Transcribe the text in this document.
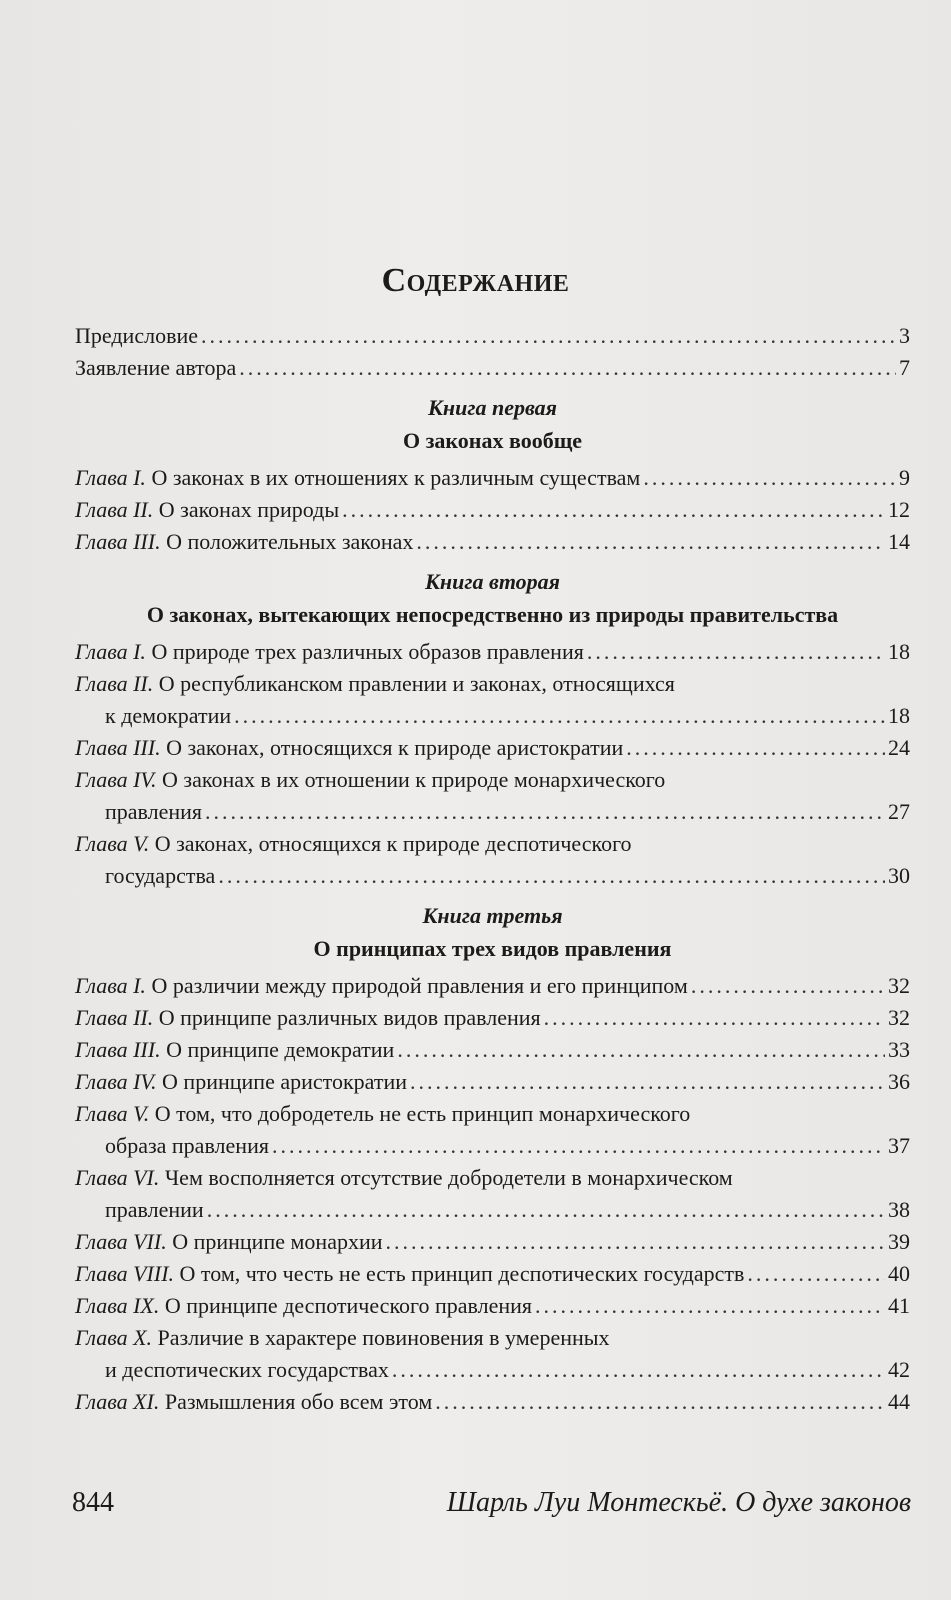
Содержание
Предисловие .....	3
Заявление автора .....	7
Книга первая
О законах вообще
Глава I. О законах в их отношениях к различным существам .....	9
Глава II. О законах природы .....	12
Глава III. О положительных законах .....	14
Книга вторая
О законах, вытекающих непосредственно из природы правительства
Глава I. О природе трех различных образов правления .....	18
Глава II. О республиканском правлении и законах, относящихся
к демократии .....	18
Глава III. О законах, относящихся к природе аристократии .....	24
Глава IV. О законах в их отношении к природе монархического
правления .....	27
Глава V. О законах, относящихся к природе деспотического
государства .....	30
Книга третья
О принципах трех видов правления
Глава I. О различии между природой правления и его принципом .....	32
Глава II. О принципе различных видов правления .....	32
Глава III. О принципе демократии .....	33
Глава IV. О принципе аристократии .....	36
Глава V. О том, что добродетель не есть принцип монархического
образа правления .....	37
Глава VI. Чем восполняется отсутствие добродетели в монархическом
правлении .....	38
Глава VII. О принципе монархии .....	39
Глава VIII. О том, что честь не есть принцип деспотических государств .....	40
Глава IX. О принципе деспотического правления .....	41
Глава X. Различие в характере повиновения в умеренных
и деспотических государствах .....	42
Глава XI. Размышления обо всем этом .....	44
844	Шарль Луи Монтескьё. О духе законов
